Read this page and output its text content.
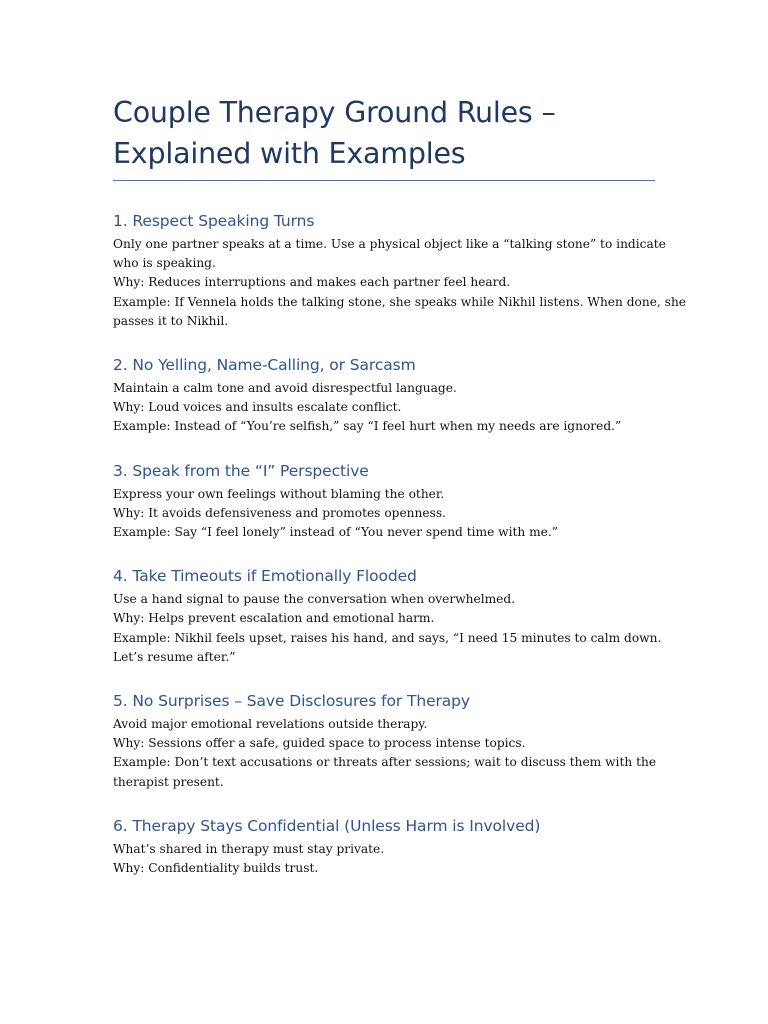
Couple Therapy Ground Rules –
Explained with Examples
1. Respect Speaking Turns

Only one partner speaks at a time. Use a physical object like a “talking stone” to indicate

who is speaking.

Why: Reduces interruptions and makes each partner feel heard.

Example: If Vennela holds the talking stone, she speaks while Nikhil listens. When done, she

passes it to Nikhil.

2. No Yelling, Name-Calling, or Sarcasm

Maintain a calm tone and avoid disrespectful language.

Why: Loud voices and insults escalate conflict.

Example: Instead of “You’re selfish,” say “I feel hurt when my needs are ignored.”

3. Speak from the “I” Perspective

Express your own feelings without blaming the other.

Why: It avoids defensiveness and promotes openness.

Example: Say “I feel lonely” instead of “You never spend time with me.”

4. Take Timeouts if Emotionally Flooded

Use a hand signal to pause the conversation when overwhelmed.

Why: Helps prevent escalation and emotional harm.

Example: Nikhil feels upset, raises his hand, and says, “I need 15 minutes to calm down.

Let’s resume after.”

5. No Surprises – Save Disclosures for Therapy

Avoid major emotional revelations outside therapy.

Why: Sessions offer a safe, guided space to process intense topics.

Example: Don’t text accusations or threats after sessions; wait to discuss them with the

therapist present.

6. Therapy Stays Confidential (Unless Harm is Involved)

What’s shared in therapy must stay private.

Why: Confidentiality builds trust.
